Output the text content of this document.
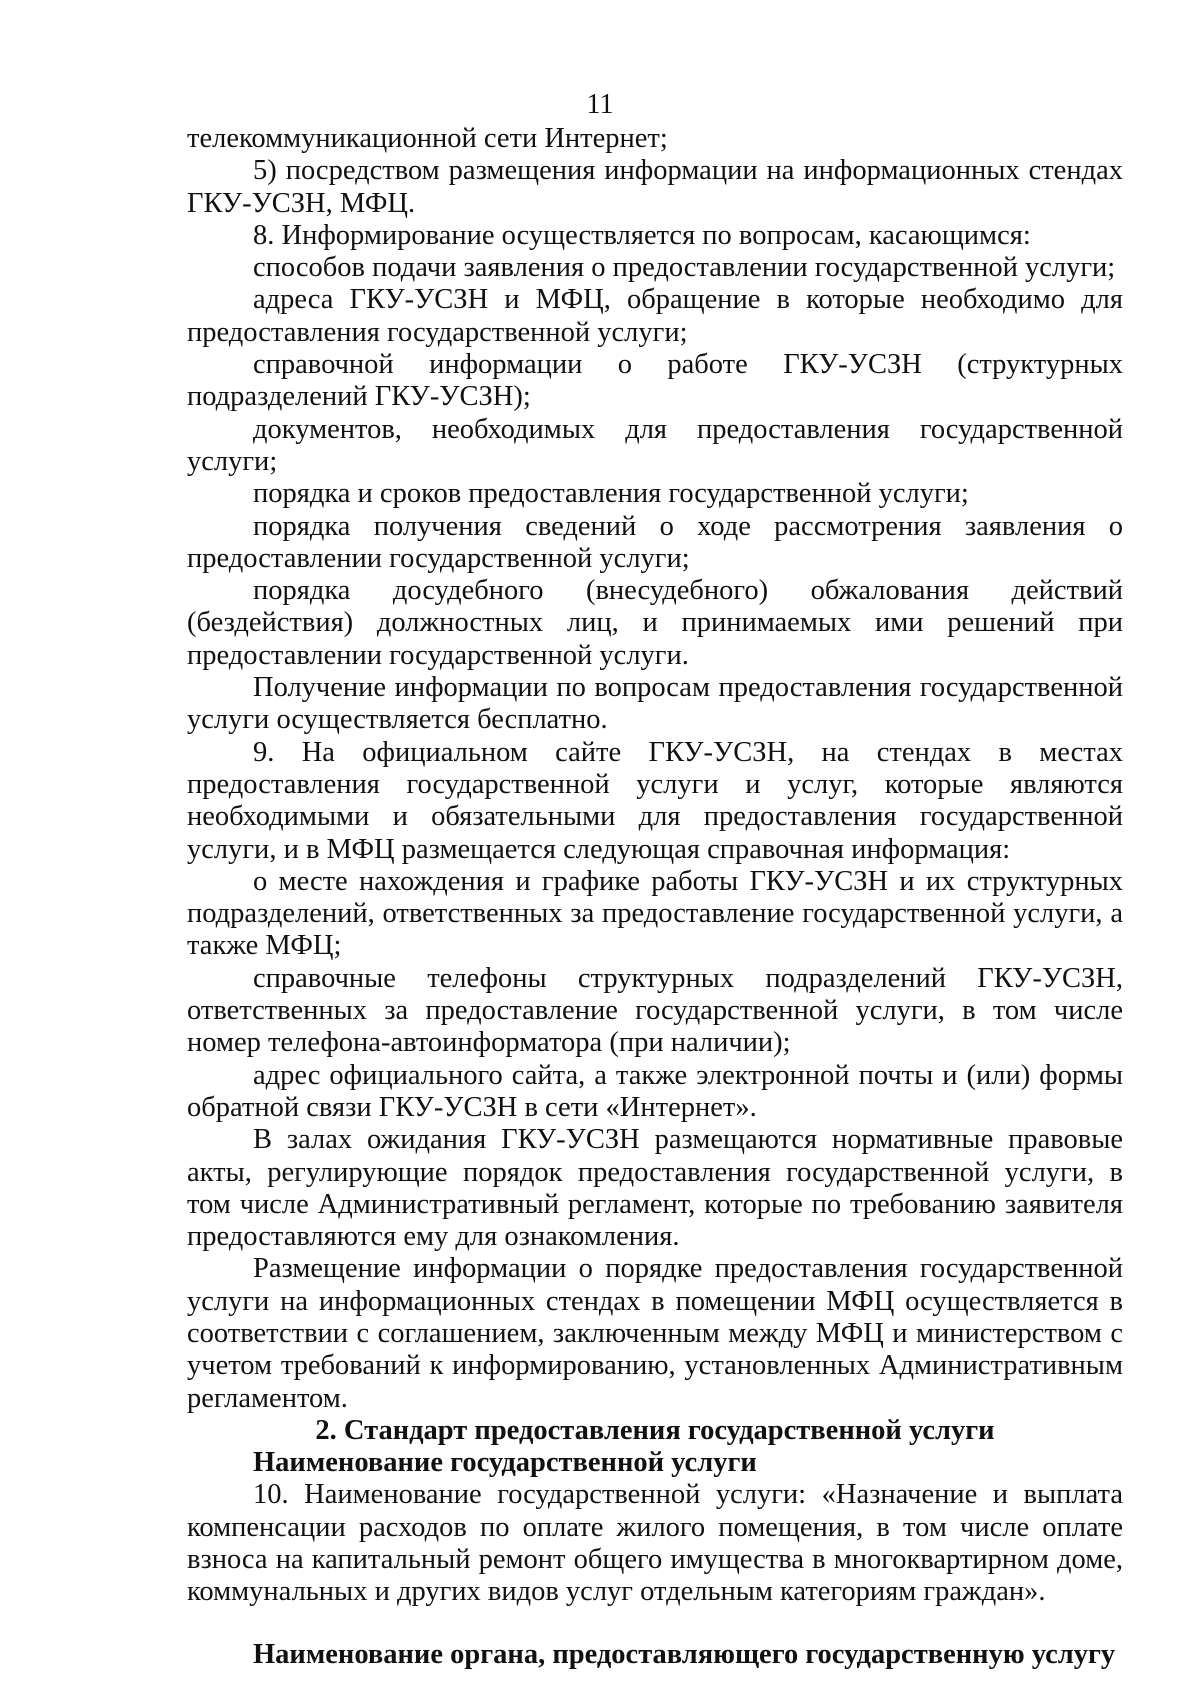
11

телекоммуникационной сети Интернет;

5) посредством размещения информации на информационных стендах ГКУ-УСЗН, МФЦ.

8. Информирование осуществляется по вопросам, касающимся:

способов подачи заявления о предоставлении государственной услуги;

адреса ГКУ-УСЗН и МФЦ, обращение в которые необходимо для предоставления государственной услуги;

справочной информации о работе ГКУ-УСЗН (структурных подразделений ГКУ-УСЗН);

документов, необходимых для предоставления государственной услуги;

порядка и сроков предоставления государственной услуги;

порядка получения сведений о ходе рассмотрения заявления о предоставлении государственной услуги;

порядка досудебного (внесудебного) обжалования действий (бездействия) должностных лиц, и принимаемых ими решений при предоставлении государственной услуги.

Получение информации по вопросам предоставления государственной услуги осуществляется бесплатно.

9. На официальном сайте ГКУ-УСЗН, на стендах в местах предоставления государственной услуги и услуг, которые являются необходимыми и обязательными для предоставления государственной услуги, и в МФЦ размещается следующая справочная информация:

о месте нахождения и графике работы ГКУ-УСЗН и их структурных подразделений, ответственных за предоставление государственной услуги, а также МФЦ;

справочные телефоны структурных подразделений ГКУ-УСЗН, ответственных за предоставление государственной услуги, в том числе номер телефона-автоинформатора (при наличии);

адрес официального сайта, а также электронной почты и (или) формы обратной связи ГКУ-УСЗН в сети «Интернет».

В залах ожидания ГКУ-УСЗН размещаются нормативные правовые акты, регулирующие порядок предоставления государственной услуги, в том числе Административный регламент, которые по требованию заявителя предоставляются ему для ознакомления.

Размещение информации о порядке предоставления государственной услуги на информационных стендах в помещении МФЦ осуществляется в соответствии с соглашением, заключенным между МФЦ и министерством с учетом требований к информированию, установленных Административным регламентом.

2. Стандарт предоставления государственной услуги

Наименование государственной услуги

10. Наименование государственной услуги: «Назначение и выплата компенсации расходов по оплате жилого помещения, в том числе оплате взноса на капитальный ремонт общего имущества в многоквартирном доме, коммунальных и других видов услуг отдельным категориям граждан».

Наименование органа, предоставляющего государственную услугу
